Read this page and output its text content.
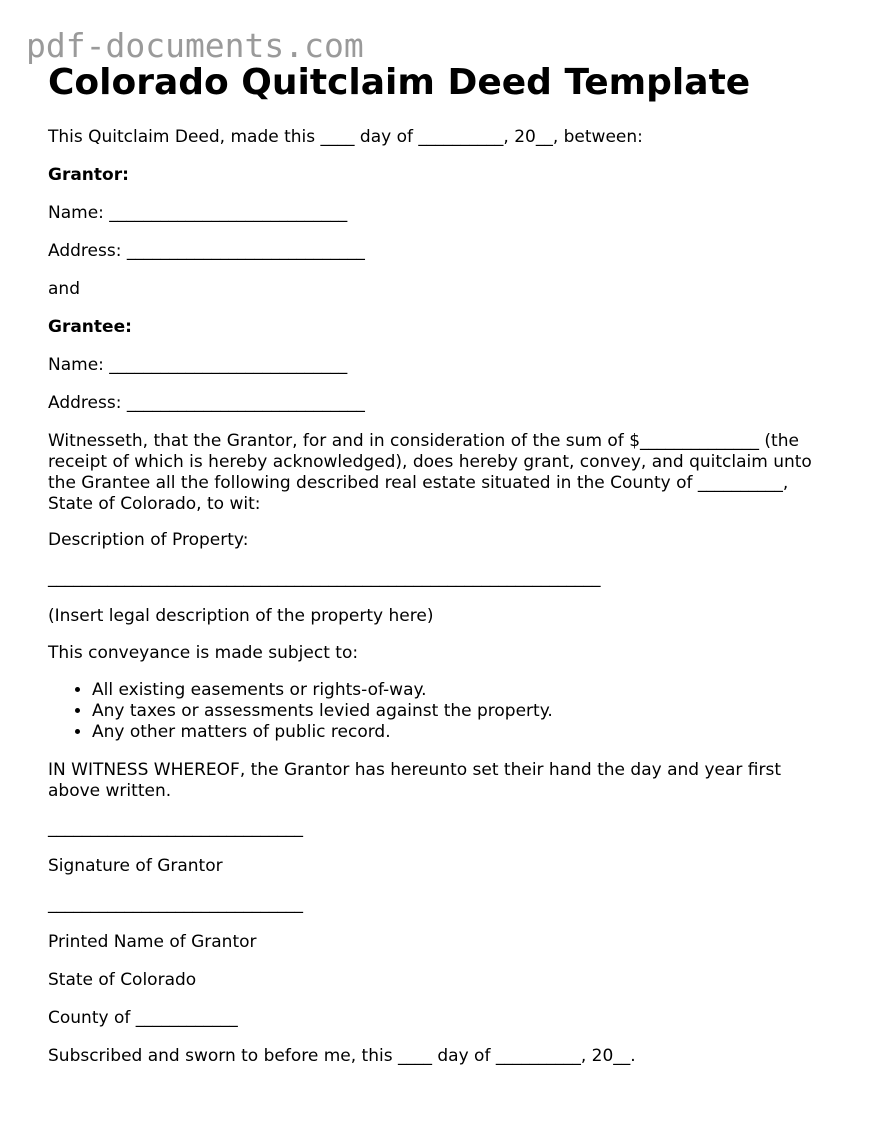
pdf-documents.com
Colorado Quitclaim Deed Template
This Quitclaim Deed, made this ____ day of __________, 20__, between:
Grantor:
Name: ____________________________
Address: ____________________________
and
Grantee:
Name: ____________________________
Address: ____________________________

Witnesseth, that the Grantor, for and in consideration of the sum of $______________ (the receipt of which is hereby acknowledged), does hereby grant, convey, and quitclaim unto the Grantee all the following described real estate situated in the County of __________, State of Colorado, to wit:

Description of Property:
_________________________________________________________________
(Insert legal description of the property here)
This conveyance is made subject to:
• All existing easements or rights-of-way.
• Any taxes or assessments levied against the property.
• Any other matters of public record.

IN WITNESS WHEREOF, the Grantor has hereunto set their hand the day and year first above written.

______________________________
Signature of Grantor
______________________________
Printed Name of Grantor
State of Colorado
County of ____________
Subscribed and sworn to before me, this ____ day of __________, 20__.
